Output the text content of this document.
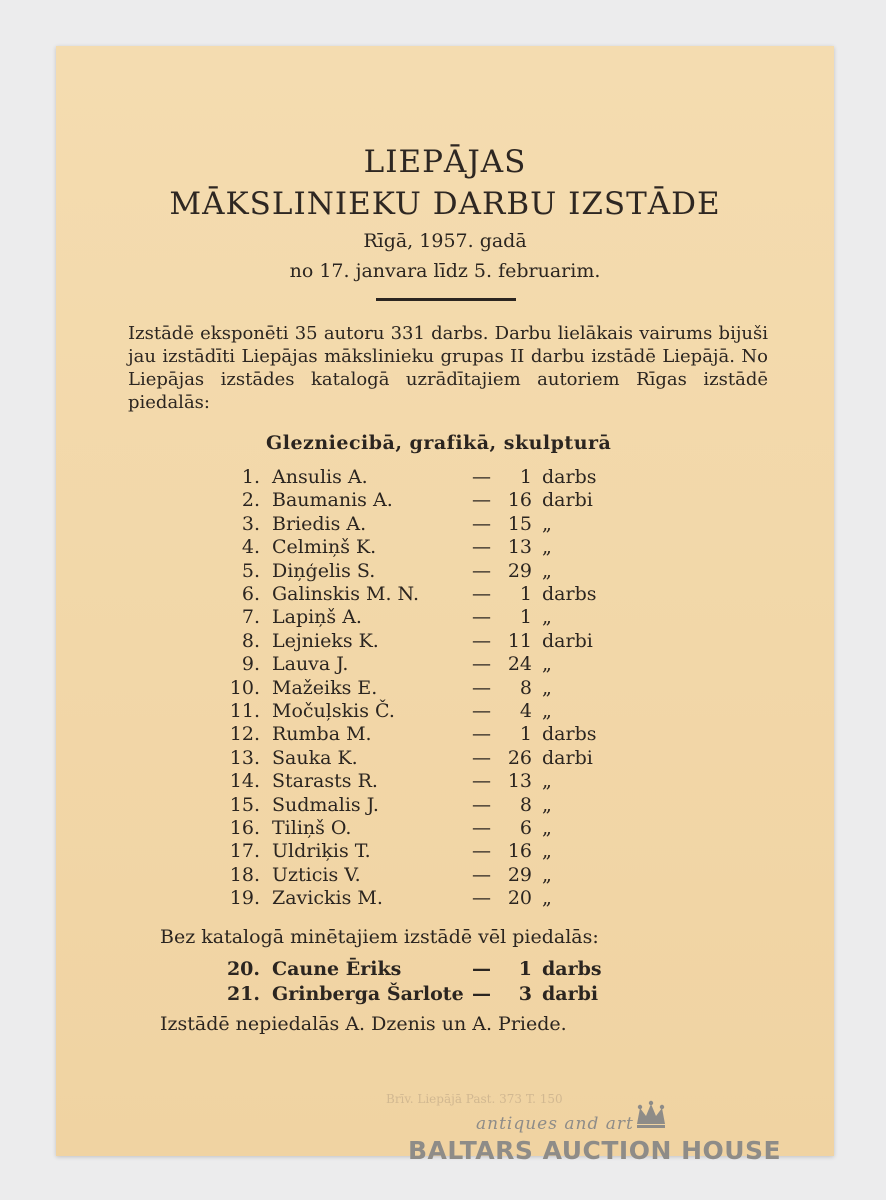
LIEPĀJAS
MĀKSLINIEKU DARBU IZSTĀDE
Rīgā, 1957. gadā
no 17. janvara līdz 5. februarim.
Izstādē eksponēti 35 autoru 331 darbs. Darbu lielākais vairums bijuši jau izstādīti Liepājas mākslinieku grupas II darbu izstādē Liepājā. No Liepājas izstādes katalogā uzrādītajiem autoriem Rīgas izstādē piedalās:
Glezniecibā, grafikā, skulpturā
1. Ansulis A.	—	1 darbs
2. Baumanis A.	— 16 darbi
3. Briedis A.	— 15 „
4. Celmiņš K.	— 13 „
5. Diņģelis S.	— 29 „
6. Galinskis M. N.	—	1 darbs
7. Lapiņš A.	—	1 „
8. Lejnieks K.	— 11 darbi
9. Lauva J.	— 24 „
10. Mažeiks E.	—	8 „
11. Močuļskis Č.	—	4 „
12. Rumba M.	—	1 darbs
13. Sauka K.	— 26 darbi
14. Starasts R.	— 13 „
15. Sudmalis J.	—	8 „
16. Tiliņš O.	—	6 „
17. Uldriķis T.	— 16 „
18. Uzticis V.	— 29 „
19. Zavickis M.	— 20 „
Bez katalogā minētajiem izstādē vēl piedalās:
20. Caune Ēriks	—	1 darbs
21. Grinberga Šarlote —	3 darbi
Izstādē nepiedalās A. Dzenis un A. Priede.
Brīv. Liepājā Past. 373 T. 150
antiques and art
BALTARS AUCTION HOUSE
